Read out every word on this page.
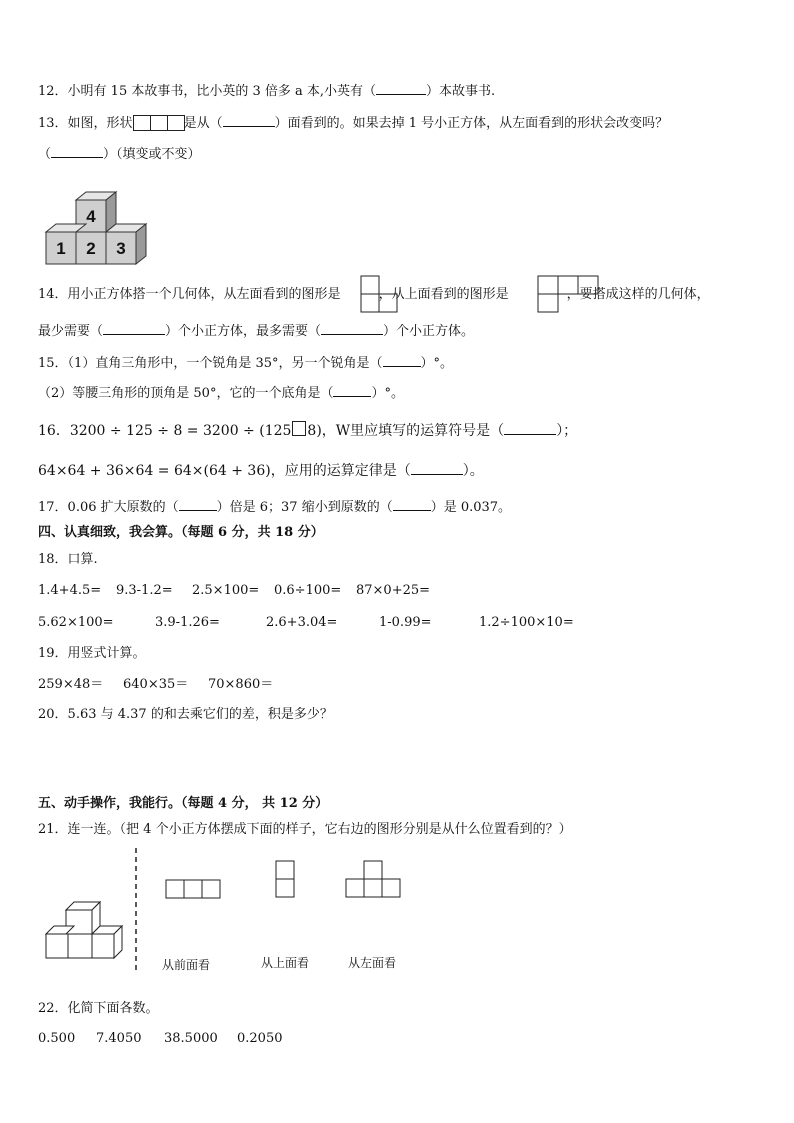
12．小明有 15 本故事书，比小英的 3 倍多 a 本,小英有（	）本故事书.
13．如图，形状	是从（	）面看到的。如果去掉 1 号小正方体，从左面看到的形状会改变吗？
（	）（填变或不变）
4
1 2 3
14．用小正方体搭一个几何体，从左面看到的图形是	，从上面看到的图形是	，要搭成这样的几何体，
最少需要（	）个小正方体，最多需要（	）个小正方体。
15．（1）直角三角形中，一个锐角是 35°，另一个锐角是（	）°。
（2）等腰三角形的顶角是 50°，它的一个底角是（	）°。
16．3200 ÷ 125 ÷ 8 = 3200 ÷ (125 8)，W里应填写的运算符号是（	）；
64×64 + 36×64 = 64×(64 + 36)，应用的运算定律是（	）。
17．0.06 扩大原数的（	）倍是 6；37 缩小到原数的（	）是 0.037。
四、认真细致，我会算。（每题 6 分，共 18 分）
18．口算.
1.4+4.5= 9.3-1.2= 2.5×100= 0.6÷100= 87×0+25=
5.62×100=	3.9-1.26=	2.6+3.04=	1-0.99=	1.2÷100×10=
19．用竖式计算。
259×48＝ 640×35＝ 70×860＝
20．5.63 与 4.37 的和去乘它们的差，积是多少？
五、动手操作，我能行。（每题 4 分， 共 12 分）
21．连一连。（把 4 个小正方体摆成下面的样子，它右边的图形分别是从什么位置看到的？）
从前面看	从上面看	从左面看
22．化简下面各数。
0.500 7.4050 38.5000 0.2050
